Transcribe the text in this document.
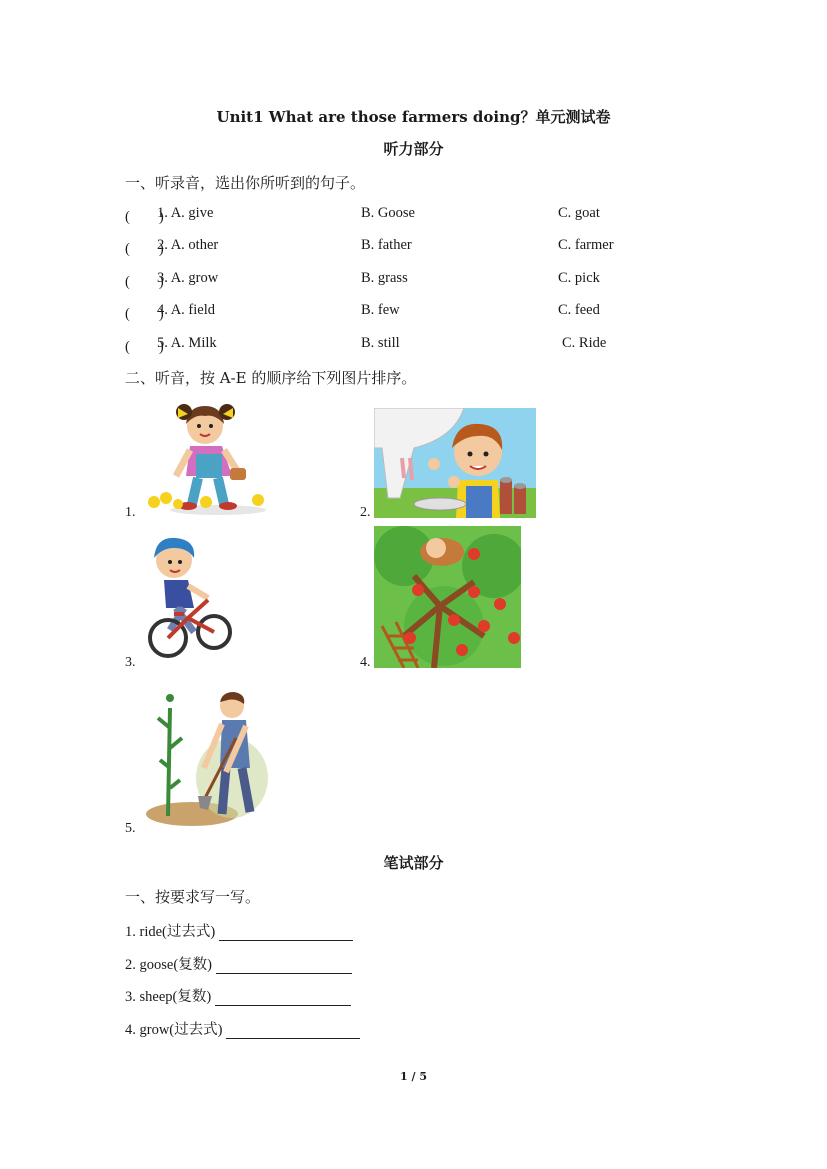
Unit1 What are those farmers doing？单元测试卷
听力部分
一、听录音，选出你所听到的句子。
(　　)
1. A. give	B. Goose	C. goat
(　　)
2. A. other	B. father	C. farmer
(　　)
3. A. grow	B. grass	C. pick
(　　)
4. A. field	B. few	C. feed
(　　)
5. A. Milk	B. still	C. Ride
二、听音，按 A-E 的顺序给下列图片排序。
1.	2.
3.	4.
5.
笔试部分
一、按要求写一写。
1. ride(过去式)
2. goose(复数)
3. sheep(复数)
4. grow(过去式)
1 / 5
